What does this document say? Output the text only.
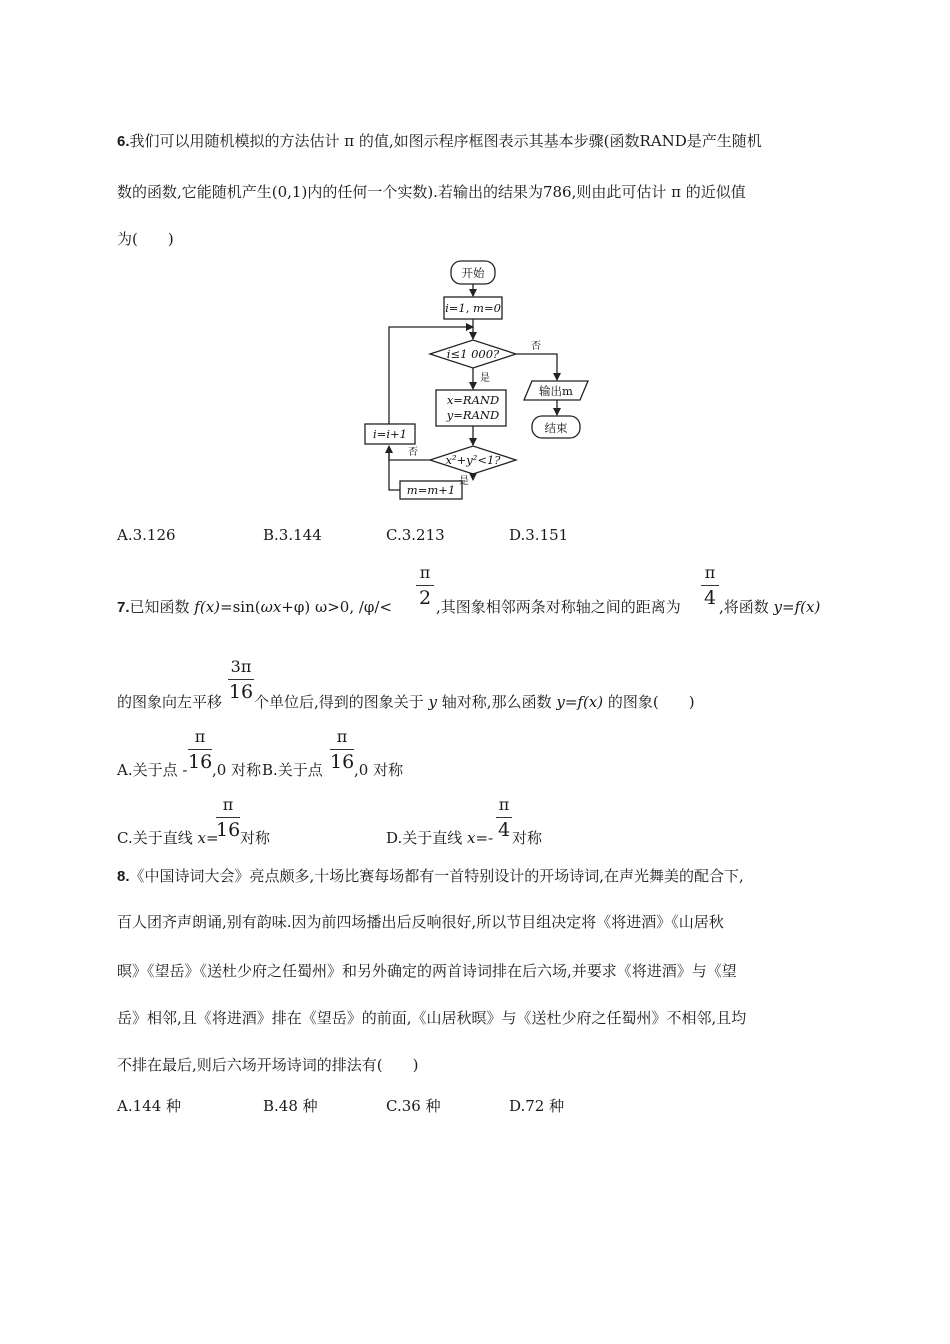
6.我们可以用随机模拟的方法估计 π 的值,如图示程序框图表示其基本步骤(函数RAND是产生随机
数的函数,它能随机产生(0,1)内的任何一个实数).若输出的结果为786,则由此可估计 π 的近似值
为(　　)
开始
i=1, m=0
i≤1 000?
否
是
x=RAND
y=RAND
x²+y²<1?
否
是
m=m+1
i=i+1
输出m
结束
A.3.126	B.3.144	C.3.213	D.3.151
7.已知函数 f(x)=sin(ωx+φ) ω>0, /φ/<
π
2 ,其图象相邻两条对称轴之间的距离为
π
4 ,将函数 y=f(x)
的图象向左平移
3π
16 个单位后,得到的图象关于 y 轴对称,那么函数 y=f(x) 的图象(　　)
A.关于点 -
π
16 ,0 对称 B.关于点
π
16 ,0 对称
C.关于直线 x=
π
16 对称	D.关于直线 x=-
π
4 对称
8.《中国诗词大会》亮点颇多,十场比赛每场都有一首特别设计的开场诗词,在声光舞美的配合下,
百人团齐声朗诵,别有韵味.因为前四场播出后反响很好,所以节目组决定将《将进酒》《山居秋
暝》《望岳》《送杜少府之任蜀州》和另外确定的两首诗词排在后六场,并要求《将进酒》与《望
岳》相邻,且《将进酒》排在《望岳》的前面,《山居秋暝》与《送杜少府之任蜀州》不相邻,且均
不排在最后,则后六场开场诗词的排法有(　　)
A.144 种	B.48 种	C.36 种	D.72 种
